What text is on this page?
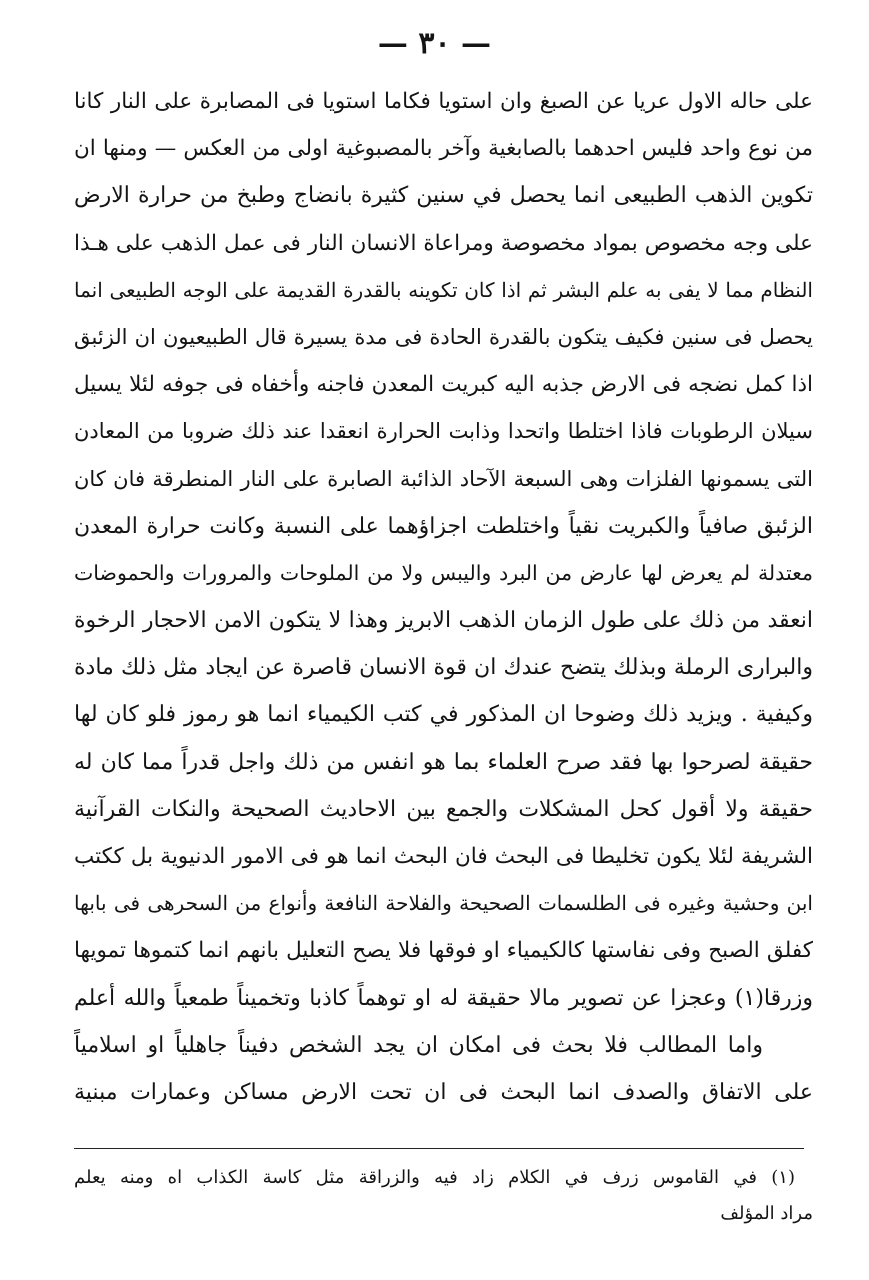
— ٣٠ —
على حاله الاول عريا عن الصبغ وان استويا فكاما استويا فى المصابرة على النار كانا
من نوع واحد فليس احدهما بالصابغية وآخر بالمصبوغية اولى من العكس — ومنها ان
تكوين الذهب الطبيعى انما يحصل في سنين كثيرة بانضاج وطبخ من حرارة الارض
على وجه مخصوص بمواد مخصوصة ومراعاة الانسان النار فى عمل الذهب على هـذا
النظام مما لا يفى به علم البشر ثم اذا كان تكوينه بالقدرة القديمة على الوجه الطبيعى انما
يحصل فى سنين فكيف يتكون بالقدرة الحادة فى مدة يسيرة قال الطبيعيون ان الزئبق
اذا كمل نضجه فى الارض جذبه اليه كبريت المعدن فاجنه وأخفاه فى جوفه لئلا يسيل
سيلان الرطوبات فاذا اختلطا واتحدا وذابت الحرارة انعقدا عند ذلك ضروبا من المعادن
التى يسمونها الفلزات وهى السبعة الآحاد الذائبة الصابرة على النار المنطرقة فان كان
الزئبق صافياً والكبريت نقياً واختلطت اجزاؤهما على النسبة وكانت حرارة المعدن
معتدلة لم يعرض لها عارض من البرد واليبس ولا من الملوحات والمرورات والحموضات
انعقد من ذلك على طول الزمان الذهب الابريز وهذا لا يتكون الامن الاحجار الرخوة
والبرارى الرملة وبذلك يتضح عندك ان قوة الانسان قاصرة عن ايجاد مثل ذلك مادة
وكيفية . ويزيد ذلك وضوحا ان المذكور في كتب الكيمياء انما هو رموز فلو كان لها
حقيقة لصرحوا بها فقد صرح العلماء بما هو انفس من ذلك واجل قدراً مما كان له
حقيقة ولا أقول كحل المشكلات والجمع بين الاحاديث الصحيحة والنكات القرآنية
الشريفة لئلا يكون تخليطا فى البحث فان البحث انما هو فى الامور الدنيوية بل ككتب
ابن وحشية وغيره فى الطلسمات الصحيحة والفلاحة النافعة وأنواع من السحرهى فى بابها
كفلق الصبح وفى نفاستها كالكيمياء او فوقها فلا يصح التعليل بانهم انما كتموها تمويها
وزرقا(١) وعجزا عن تصوير مالا حقيقة له او توهماً كاذبا وتخميناً طمعياً والله أعلم
واما المطالب فلا بحث فى امكان ان يجد الشخص دفيناً جاهلياً او اسلامياً
على الاتفاق والصدف انما البحث فى ان تحت الارض مساكن وعمارات مبنية
(١) في القاموس زرف في الكلام زاد فيه والزراقة مثل كاسة الكذاب اه ومنه يعلم
مراد المؤلف
